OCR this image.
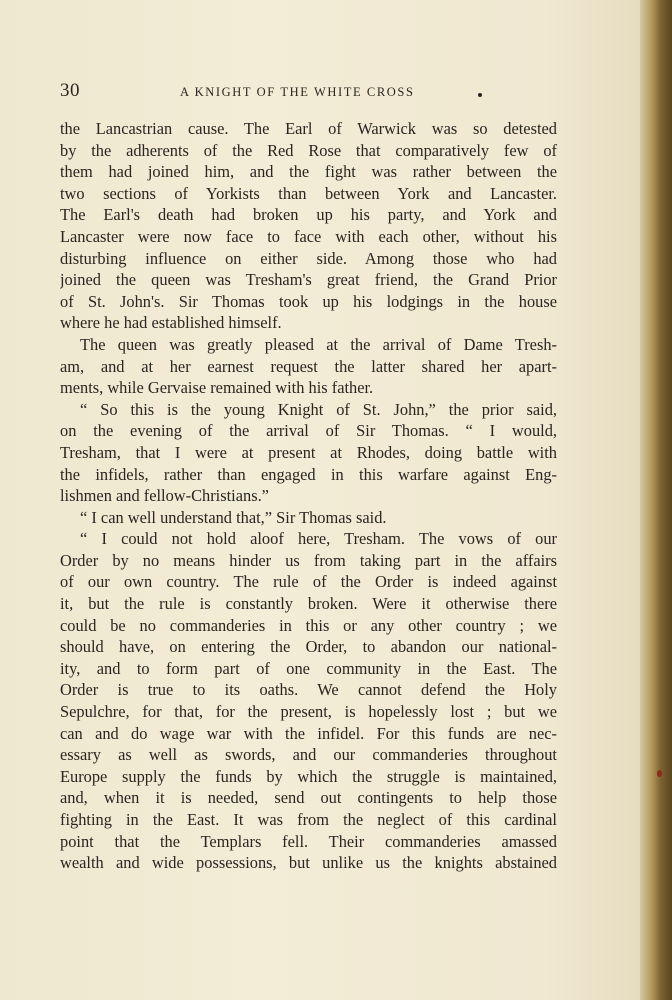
30	A KNIGHT OF THE WHITE CROSS
the Lancastrian cause. The Earl of Warwick was so detested
by the adherents of the Red Rose that comparatively few of
them had joined him, and the fight was rather between the
two sections of Yorkists than between York and Lancaster.
The Earl's death had broken up his party, and York and
Lancaster were now face to face with each other, without his
disturbing influence on either side. Among those who had
joined the queen was Tresham's great friend, the Grand Prior
of St. John's. Sir Thomas took up his lodgings in the house
where he had established himself.
The queen was greatly pleased at the arrival of Dame Tresh-
am, and at her earnest request the latter shared her apart-
ments, while Gervaise remained with his father.
“ So this is the young Knight of St. John,” the prior said,
on the evening of the arrival of Sir Thomas. “ I would,
Tresham, that I were at present at Rhodes, doing battle with
the infidels, rather than engaged in this warfare against Eng-
lishmen and fellow-Christians.”
“ I can well understand that,” Sir Thomas said.
“ I could not hold aloof here, Tresham. The vows of our
Order by no means hinder us from taking part in the affairs
of our own country. The rule of the Order is indeed against
it, but the rule is constantly broken. Were it otherwise there
could be no commanderies in this or any other country ; we
should have, on entering the Order, to abandon our national-
ity, and to form part of one community in the East. The
Order is true to its oaths. We cannot defend the Holy
Sepulchre, for that, for the present, is hopelessly lost ; but we
can and do wage war with the infidel. For this funds are nec-
essary as well as swords, and our commanderies throughout
Europe supply the funds by which the struggle is maintained,
and, when it is needed, send out contingents to help those
fighting in the East. It was from the neglect of this cardinal
point that the Templars fell. Their commanderies amassed
wealth and wide possessions, but unlike us the knights abstained
